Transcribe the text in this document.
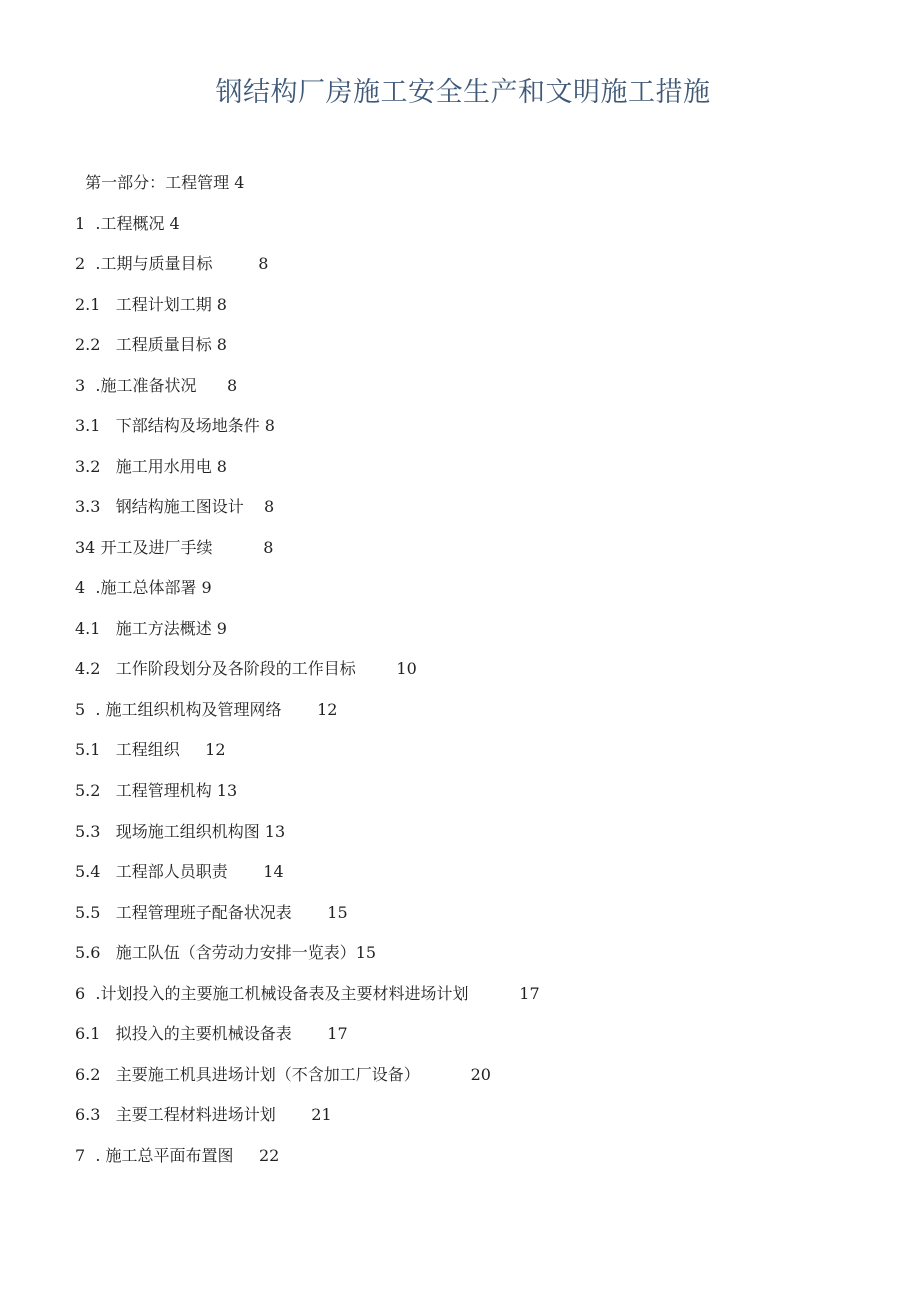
钢结构厂房施工安全生产和文明施工措施
第一部分：工程管理 4
1  .工程概况 4
2  .工期与质量目标         8
2.1   工程计划工期 8
2.2   工程质量目标 8
3  .施工准备状况      8
3.1   下部结构及场地条件 8
3.2   施工用水用电 8
3.3   钢结构施工图设计    8
34 开工及进厂手续          8
4  .施工总体部署 9
4.1   施工方法概述 9
4.2   工作阶段划分及各阶段的工作目标        10
5  . 施工组织机构及管理网络       12
5.1   工程组织     12
5.2   工程管理机构 13
5.3   现场施工组织机构图 13
5.4   工程部人员职责       14
5.5   工程管理班子配备状况表       15
5.6   施工队伍（含劳动力安排一览表）15
6  .计划投入的主要施工机械设备表及主要材料进场计划          17
6.1   拟投入的主要机械设备表       17
6.2   主要施工机具进场计划（不含加工厂设备）          20
6.3   主要工程材料进场计划       21
7  . 施工总平面布置图     22
